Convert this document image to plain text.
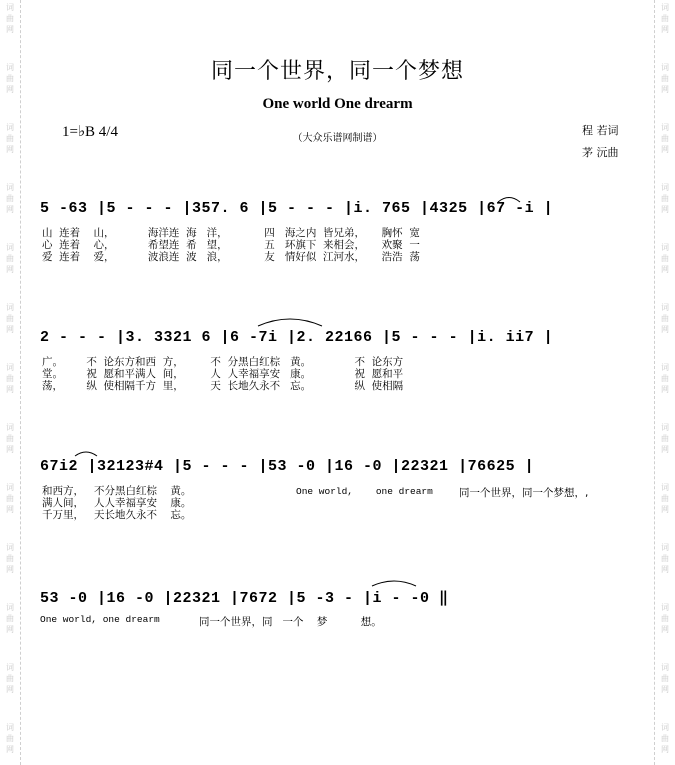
词
曲
网
词
曲
网
词
曲
网
词
曲
网
词
曲
网
词
曲
网
词
曲
网
词
曲
网
词
曲
网
词
曲
网
词
曲
网
词
曲
网
词
曲
网
词
曲
网
词
曲
网
词
曲
网
词
曲
网
词
曲
网
词
曲
网
词
曲
网
词
曲
网
词
曲
网
词
曲
网
词
曲
网
词
曲
网
词
曲
网
同一个世界，同一个梦想
One world One drearm
1=♭B 4/4	（大众乐谱网制谱）
程 若词
茅 沅曲
5 -63 |5 - - - |357. 6 |5 - - - |i. 765 |4325 |67 -i |
山  连着    山，          海洋连  海   洋，           四   海之内  皆兄弟，     胸怀  宽
心  连着    心，          希望连  希   望，           五   环旗下  来相会，     欢聚  一
爱  连着    爱，          波浪连  波   浪，           友   情好似  江河水，     浩浩  荡
2 - - - |3. 3321 6 |6 -7i |2. 22166 |5 - - - |i. ii7 |
广。       不  论东方和西  方，        不  分黑白红棕   黄。             不  论东方
堂。       祝  愿和平满人  间，        人  人幸福享安   康。             祝  愿和平
荡，       纵  使相隔千方  里，        天  长地久永不   忘。             纵  使相隔
67i2 |32123#4 |5 - - - |53 -0 |16 -0 |22321 |76625 |
和西方，   不分黑白红棕    黄。
满人间，   人人幸福享安    康。
千万里，   天长地久永不    忘。
One world,    one drearm 同一个世界，同一个梦想，,
53 -0 |16 -0 |22321 |7672 |5 -3 - |i - -0 ‖
One world, one drearm	同一个世界，同   一个    梦          想。
